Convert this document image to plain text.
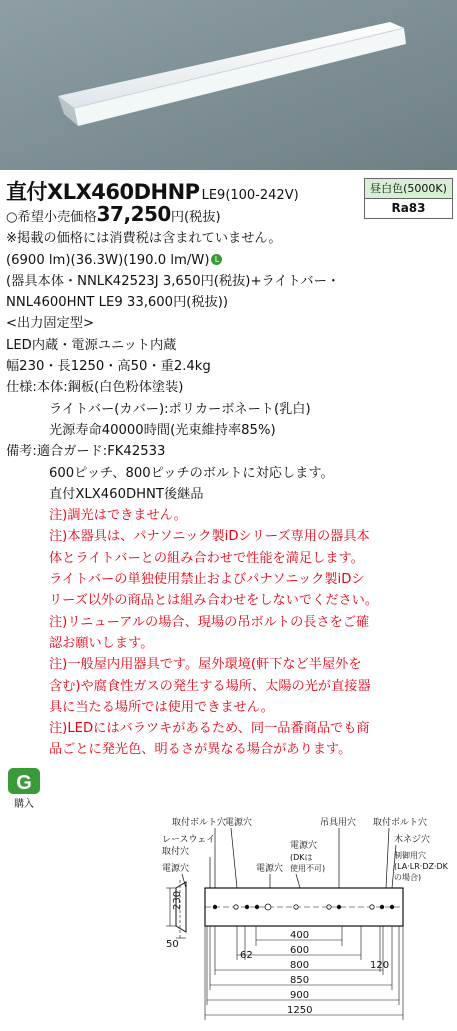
直付XLX460DHNP LE9(100-242V)	昼白色(5000K)
Ra83
○希望小売価格37,250円(税抜)
※掲載の価格には消費税は含まれていません。
(6900 lm)(36.3W)(190.0 lm/W) L
(器具本体・NNLK42523J 3,650円(税抜)+ライトバー・
NNL4600HNT LE9 33,600円(税抜))
<出力固定型>
LED内蔵・電源ユニット内蔵
幅230・長1250・高50・重2.4kg
仕様:本体:鋼板(白色粉体塗装)
ライトバー(カバー):ポリカーボネート(乳白)
光源寿命40000時間(光束維持率85%)
備考:適合ガード:FK42533
600ピッチ、800ピッチのボルトに対応します。
直付XLX460DHNT後継品
注)調光はできません。
注)本器具は、パナソニック製iDシリーズ専用の器具本
体とライトバーとの組み合わせで性能を満足します。
ライトバーの単独使用禁止およびパナソニック製iDシ
リーズ以外の商品とは組み合わせをしないでください。
注)リニューアルの場合、現場の吊ボルトの長さをご確
認お願いします。
注)一般屋内用器具です。屋外環境(軒下など半屋外を
含む)や腐食性ガスの発生する場所、太陽の光が直接器
具に当たる場所では使用できません。
注)LEDにはバラツキがあるため、同一品番商品でも商
品ごとに発光色、明るさが異なる場合があります。
G
購入
取付ボルト穴
電源穴	吊具用穴 取付ボルト穴
レースウェイ
取付穴
木ネジ穴
電源穴
(DKは
使用不可)
制御用穴
(LA·LR·DZ·DK
の場合)
電源穴	電源穴
230
50
62
400
600
800	120
850
900
1250
